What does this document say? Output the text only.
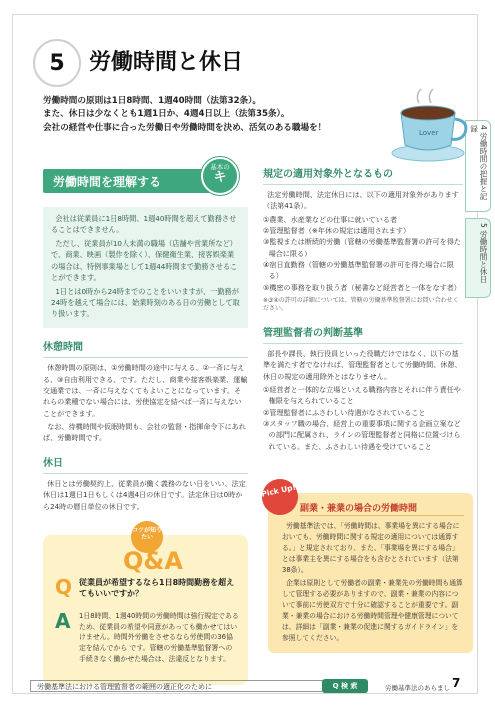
4 労働時間の把握と記録
5 労働時間と休日
5	労働時間と休日
労働時間の原則は1日8時間、1週40時間（法第32条）。
また、休日は少なくとも1週1日か、4週4日以上（法第35条）。
会社の経営や仕事に合った労働日や労働時間を決め、活気のある職場を！
Lover
労働時間を理解する
基本の
キ

会社は従業員に1日8時間、1週40時間を超えて勤務させることはできません。

ただし、従業員が10人未満の職場（店舗や営業所など）で、商業、映画（製作を除く）、保健衛生業、接客娯楽業の場合は、特例事業場として1週44時間まで勤務させることができます。

1日とは0時から24時までのことをいいますが、一勤務が24時を越えて場合には、始業時刻のある日の労働として取り扱います。

休憩時間

休憩時間の原則は、①労働時間の途中に与える、②一斉に与える、③自由利用できる、です。ただし、商業や接客娯楽業、運輸交通業では、一斉に与えなくてもよいことになっています。それらの業種でない場合には、労使協定を結べば一斉に与えないことができます。

なお、待機時間や仮眠時間も、会社の監督・指揮命令下にあれば、労働時間です。

休日

休日とは労働契約上、従業員が働く義務のない日をいい、法定休日は1週日1日もしくは4週4日の休日です。法定休日は0時から24時の暦日単位の休日です。

規定の適用対象外となるもの

法定労働時間、法定休日には、以下の適用対象外があります（法第41条）。

①農業、水産業などの仕事に就いている者
②管理監督者（※年休の規定は適用されます）
③監視または断続的労働（管轄の労働基準監督署の許可を得た場合に限る）
④宿日直勤務（管轄の労働基準監督署の許可を得た場合に限る）
⑤機密の事務を取り扱う者（秘書など経営者と一体をなす者）
※③④の許可の詳細については、管轄の労働基準監督署にお問い合わせください。
管理監督者の判断基準

部長や課長、執行役員といった役職だけではなく、以下の基準を満たす者でなければ、管理監督者として労働時間、休憩、休日の規定の適用除外とはなりません。

①経営者と一体的な立場といえる職務内容とそれに伴う責任や権限を与えられていること
②管理監督者にふさわしい待遇がなされていること
③スタッフ職の場合、経営上の重要事項に関する企画立案などの部門に配属され、ラインの管理監督者と同格に位置づけられている。また、ふさわしい待遇を受けていること
コツが知りたい
Q&A
Q 従業員が希望するなら1日8時間勤務を超えてもいいですか？
A 1日8時間、1週40時間の労働時間は強行規定であるため、従業員の希望や同意があっても働かせてはいけません。時間外労働をさせるなら労使間の36協定を結んでから です。管轄の労働基準監督署への手続きなく働かせた場合は、法違反となります。
Pick Up!
副業・兼業の場合の労働時間

労働基準法では、「労働時間は、事業場を異にする場合においても、労働時間に関する規定の適用については通算する。」と規定されており、また、「事業場を異にする場合」とは事業主を異にする場合をも含むとされています（法第38条）。

企業は原則として労働者の副業・兼業先の労働時間も通算して管理する必要がありますので、副業・兼業の内容について事前に労使双方で十分に確認することが重要です。副業・兼業の場合における労働時間管理や健康管理については、詳細は「副業・兼業の促進に関するガイドライン」を参照してください。

労働基準法における管理監督者の範囲の適正化のために	Q 検 索	労働基準法のあらまし 7
